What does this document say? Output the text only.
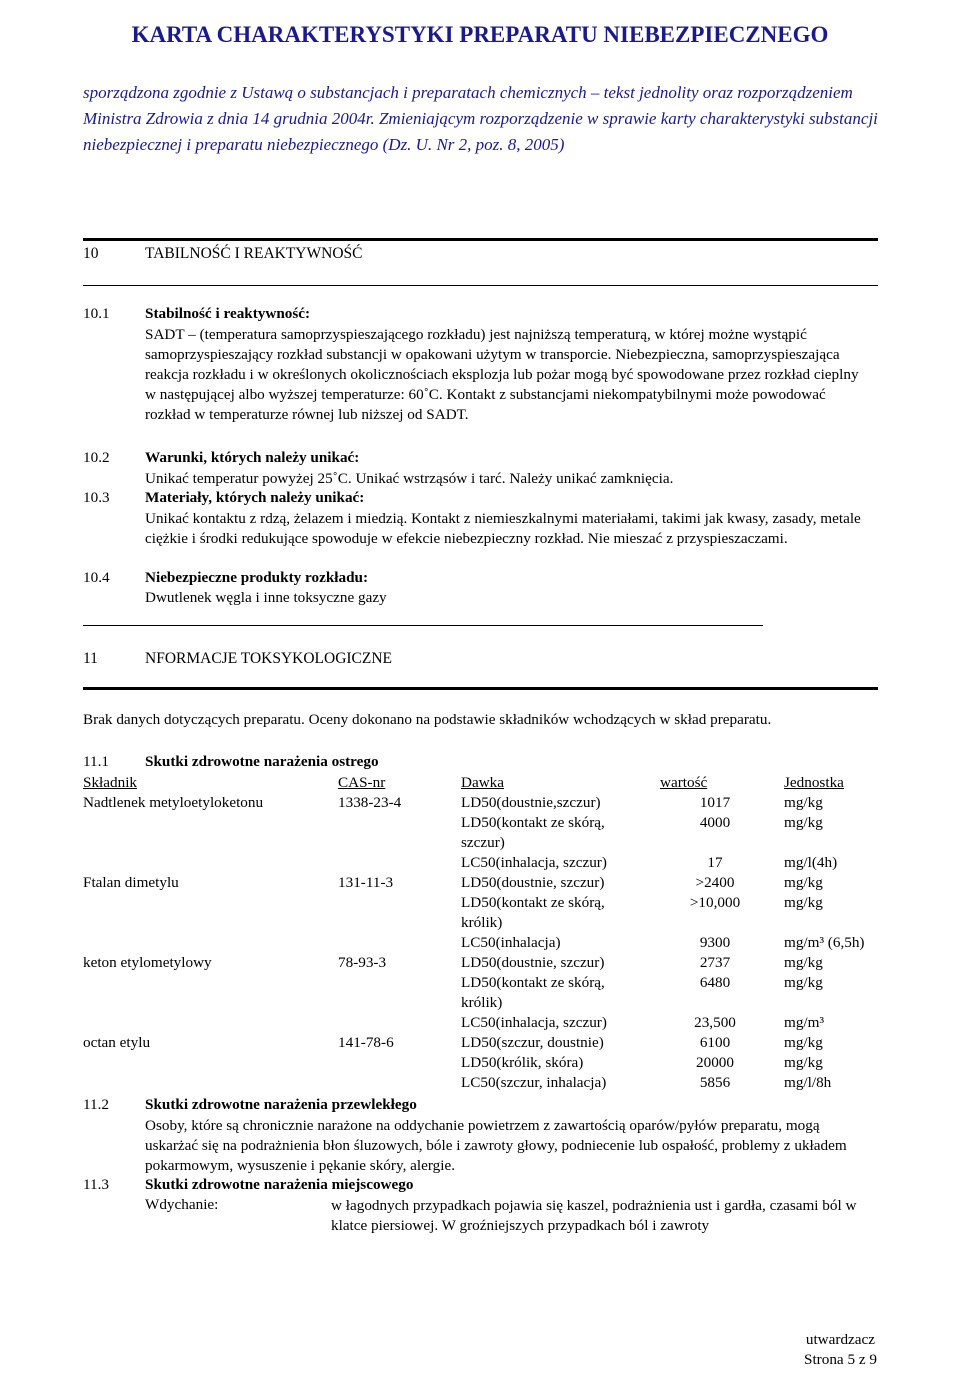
KARTA CHARAKTERYSTYKI PREPARATU NIEBEZPIECZNEGO
sporządzona zgodnie z Ustawą o substancjach i preparatach chemicznych – tekst jednolity oraz rozporządzeniem Ministra Zdrowia z dnia 14 grudnia 2004r. Zmieniającym rozporządzenie w sprawie karty charakterystyki substancji niebezpiecznej i preparatu niebezpiecznego (Dz. U. Nr 2, poz. 8, 2005)
10	TABILNOŚĆ I REAKTYWNOŚĆ
10.1 Stabilność i reaktywność:
SADT – (temperatura samoprzyspieszającego rozkładu) jest najniższą temperaturą, w której możne wystąpić samoprzyspieszający rozkład substancji w opakowani użytym w transporcie. Niebezpieczna, samoprzyspieszająca reakcja rozkładu i w określonych okolicznościach eksplozja lub pożar mogą być spowodowane przez rozkład cieplny w następującej albo wyższej temperaturze: 60˚C. Kontakt z substancjami niekompatybilnymi może powodować rozkład w temperaturze równej lub niższej od SADT.
10.2 Warunki, których należy unikać:
Unikać temperatur powyżej 25˚C. Unikać wstrząsów i tarć. Należy unikać zamknięcia.
10.3 Materiały, których należy unikać:
Unikać kontaktu z rdzą, żelazem i miedzią. Kontakt z niemieszkalnymi materiałami, takimi jak kwasy, zasady, metale ciężkie i środki redukujące spowoduje w efekcie niebezpieczny rozkład. Nie mieszać z przyspieszaczami.
10.4 Niebezpieczne produkty rozkładu:
Dwutlenek węgla i inne toksyczne gazy
11	NFORMACJE TOKSYKOLOGICZNE
Brak danych dotyczących preparatu. Oceny dokonano na podstawie składników wchodzących w skład preparatu.
11.1 Skutki zdrowotne narażenia ostrego
Składnik	CAS-nr	Dawka	wartość	Jednostka
Nadtlenek metyloetyloketonu	1338-23-4	LD50(doustnie,szczur)	1017	mg/kg
LD50(kontakt ze skórą,	4000	mg/kg
szczur)
LC50(inhalacja, szczur)	17	mg/l(4h)
Ftalan dimetylu	131-11-3	LD50(doustnie, szczur)	>2400	mg/kg
LD50(kontakt ze skórą,	>10,000	mg/kg
królik)
LC50(inhalacja)	9300	mg/m³ (6,5h)
keton etylometylowy	78-93-3	LD50(doustnie, szczur)	2737	mg/kg
LD50(kontakt ze skórą,	6480	mg/kg
królik)
LC50(inhalacja, szczur)	23,500	mg/m³
octan etylu	141-78-6	LD50(szczur, doustnie)	6100	mg/kg
LD50(królik, skóra)	20000	mg/kg
LC50(szczur, inhalacja)	5856	mg/l/8h
11.2 Skutki zdrowotne narażenia przewlekłego
Osoby, które są chronicznie narażone na oddychanie powietrzem z zawartością oparów/pyłów preparatu, mogą uskarżać się na podrażnienia błon śluzowych, bóle i zawroty głowy, podniecenie lub ospałość, problemy z układem pokarmowym, wysuszenie i pękanie skóry, alergie.
11.3 Skutki zdrowotne narażenia miejscowego
Wdychanie:	w łagodnych przypadkach pojawia się kaszel, podrażnienia ust i gardła, czasami ból w klatce piersiowej. W groźniejszych przypadkach ból i zawroty
utwardzacz
Strona 5 z 9
